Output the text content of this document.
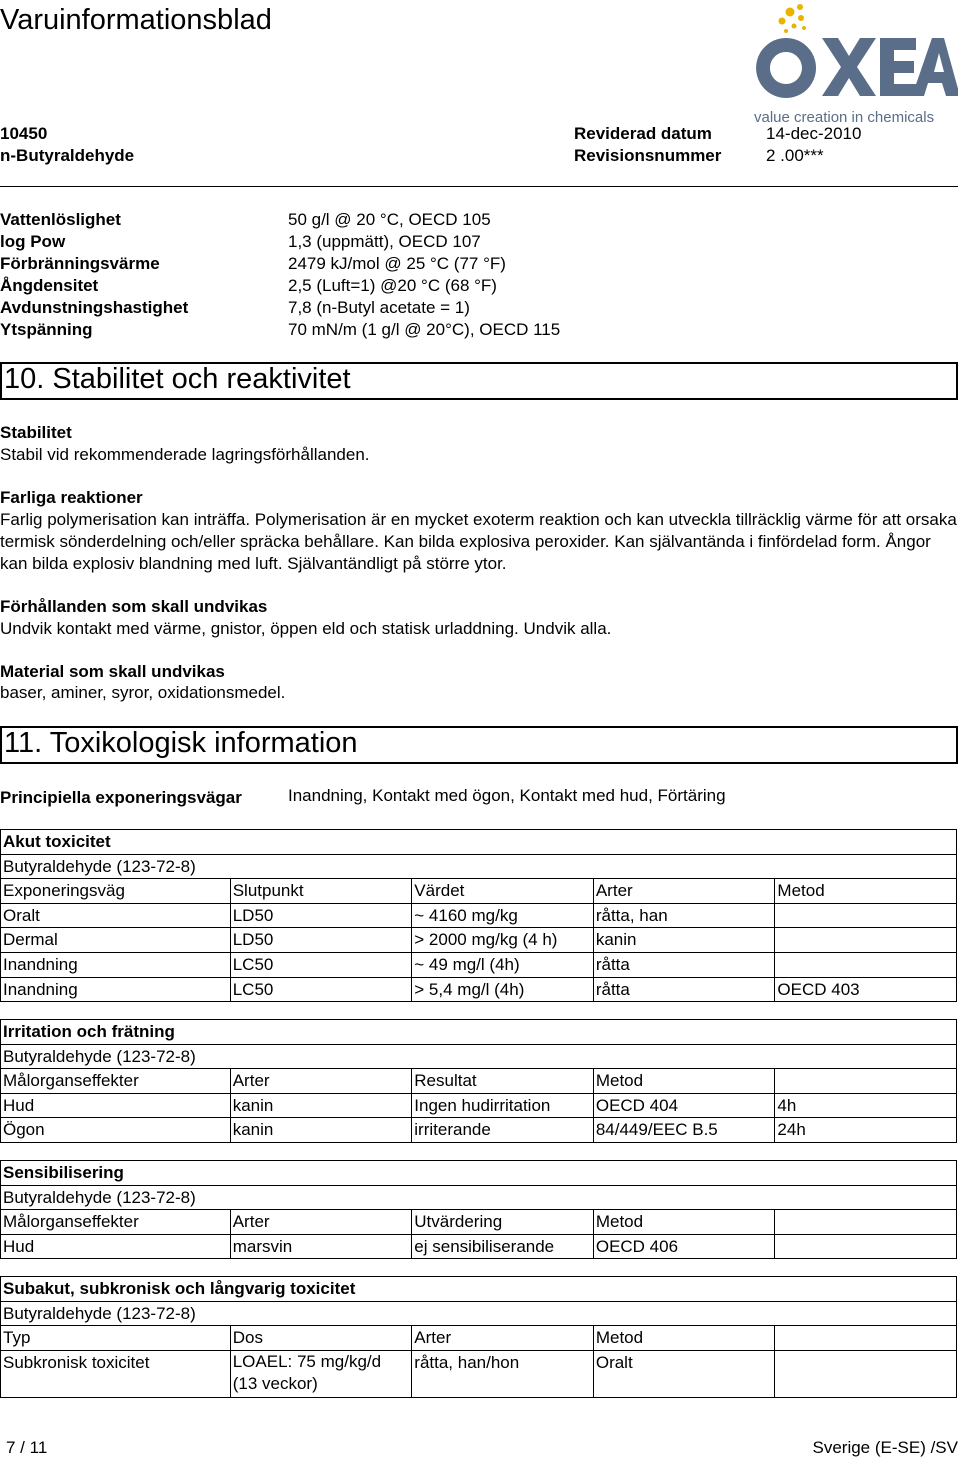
Varuinformationsblad
value creation in chemicals
10450
n-Butyraldehyde
Reviderad datum	14-dec-2010
Revisionsnummer	2 .00***
Vattenlöslighet	50 g/l @ 20 °C, OECD 105
log Pow	1,3 (uppmätt), OECD 107
Förbränningsvärme	2479 kJ/mol @ 25 °C (77 °F)
Ångdensitet	2,5 (Luft=1) @20 °C (68 °F)
Avdunstningshastighet	7,8 (n-Butyl acetate = 1)
Ytspänning	70 mN/m (1 g/l @ 20°C), OECD 115
10. Stabilitet och reaktivitet
Stabilitet
Stabil vid rekommenderade lagringsförhållanden.
Farliga reaktioner
Farlig polymerisation kan inträffa. Polymerisation är en mycket exoterm reaktion och kan utveckla tillräcklig värme för att orsaka termisk sönderdelning och/eller spräcka behållare. Kan bilda explosiva peroxider. Kan självantända i finfördelad form. Ångor kan bilda explosiv blandning med luft. Självantändligt på större ytor.
Förhållanden som skall undvikas
Undvik kontakt med värme, gnistor, öppen eld och statisk urladdning. Undvik alla.
Material som skall undvikas
baser, aminer, syror, oxidationsmedel.
11. Toxikologisk information
Principiella exponeringsvägar	Inandning, Kontakt med ögon, Kontakt med hud, Förtäring
Akut toxicitet				
Butyraldehyde (123-72-8)				
Exponeringsväg	Slutpunkt	Värdet	Arter	Metod
Oralt	LD50	~ 4160 mg/kg	råtta, han	
Dermal	LD50	> 2000 mg/kg (4 h)	kanin	
Inandning	LC50	~ 49 mg/l (4h)	råtta	
Inandning	LC50	> 5,4 mg/l (4h)	råtta	OECD 403
Irritation och frätning				
Butyraldehyde (123-72-8)				
Målorganseffekter	Arter	Resultat	Metod	
Hud	kanin	Ingen hudirritation	OECD 404	4h
Ögon	kanin	irriterande	84/449/EEC B.5	24h
Sensibilisering				
Butyraldehyde (123-72-8)				
Målorganseffekter	Arter	Utvärdering	Metod	
Hud	marsvin	ej sensibiliserande	OECD 406	
Subakut, subkronisk och långvarig toxicitet				
Butyraldehyde (123-72-8)				
Typ	Dos	Arter	Metod	
Subkronisk toxicitet	LOAEL: 75 mg/kg/d (13 veckor)	råtta, han/hon	Oralt	
7 / 11	Sverige (E-SE) /SV
